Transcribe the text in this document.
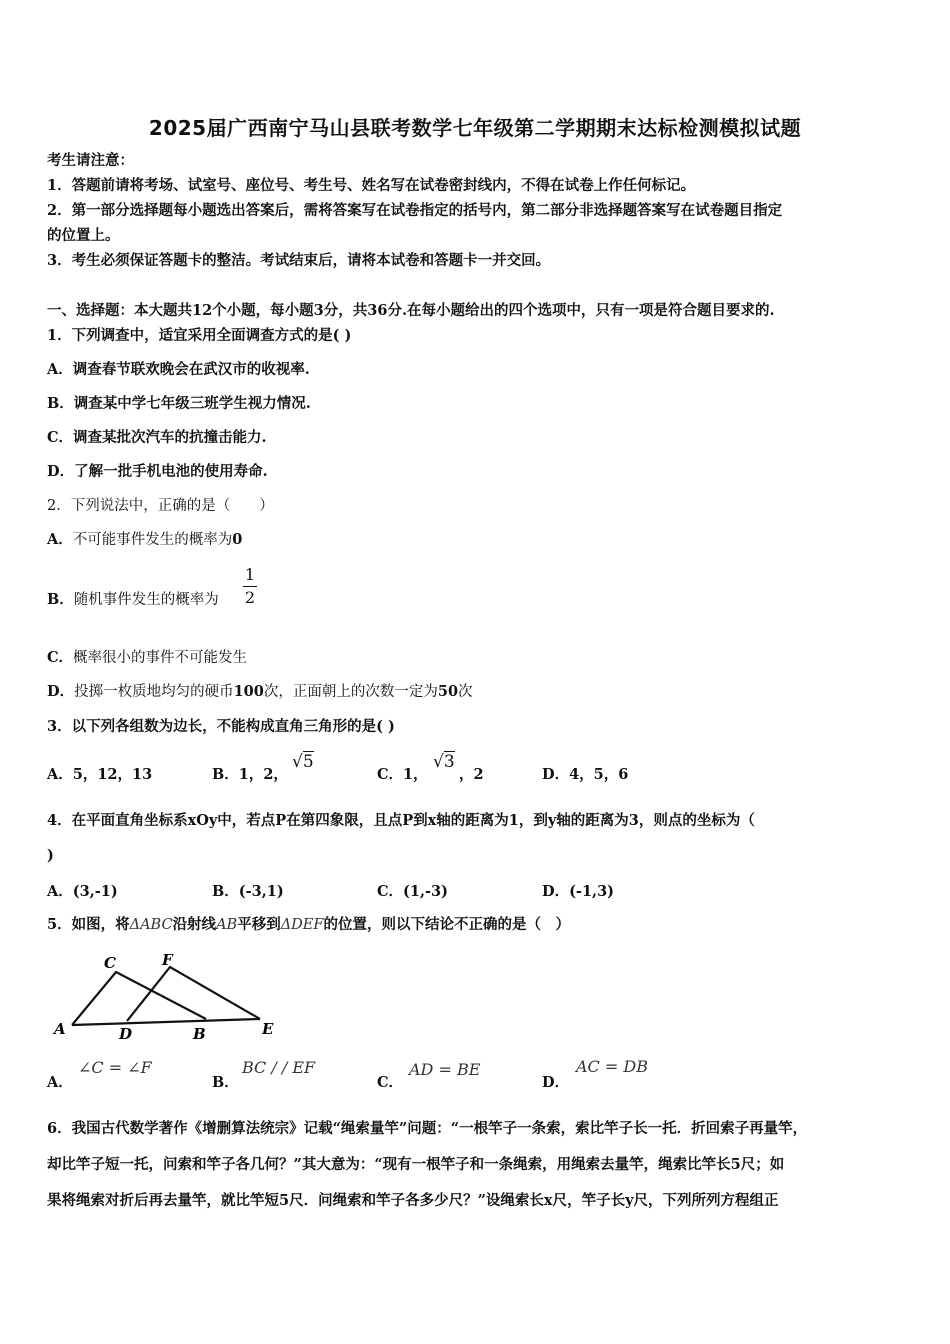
2025届广西南宁马山县联考数学七年级第二学期期末达标检测模拟试题
考生请注意：
1．答题前请将考场、试室号、座位号、考生号、姓名写在试卷密封线内，不得在试卷上作任何标记。
2．第一部分选择题每小题选出答案后，需将答案写在试卷指定的括号内，第二部分非选择题答案写在试卷题目指定
的位置上。
3．考生必须保证答题卡的整洁。考试结束后，请将本试卷和答题卡一并交回。
一、选择题：本大题共12个小题，每小题3分，共36分.在每小题给出的四个选项中，只有一项是符合题目要求的.
1．下列调查中，适宜采用全面调查方式的是( )
A．调查春节联欢晚会在武汉市的收视率.
B．调查某中学七年级三班学生视力情况.
C．调查某批次汽车的抗撞击能力.
D．了解一批手机电池的使用寿命.
2．下列说法中，正确的是（　　）
A．不可能事件发生的概率为0
B．随机事件发生的概率为 $\frac{1}{2}$
C．概率很小的事件不可能发生
D．投掷一枚质地均匀的硬币100次，正面朝上的次数一定为50次
3．以下列各组数为边长，不能构成直角三角形的是( )
A．5，12，13	B．1，2，
√5
C．1，
√3
，2	D．4，5，6
4．在平面直角坐标系xOy中，若点P在第四象限，且点P到x轴的距离为1，到y轴的距离为3，则点的坐标为（
)
A．(3,-1)	B．(-3,1)	C．(1,-3)	D．(-1,3)
5．如图，将ΔABC沿射线AB平移到ΔDEF的位置，则以下结论不正确的是（　）
C	F
A	D	B	E
A．
∠C = ∠F
B．
BC / / EF
C．
AD = BE
D．
AC = DB
6．我国古代数学著作《增删算法统宗》记载“绳索量竿”问题：“一根竿子一条索，索比竿子长一托．折回索子再量竿，
却比竿子短一托，问索和竿子各几何？”其大意为：“现有一根竿子和一条绳索，用绳索去量竿，绳索比竿长5尺；如
果将绳索对折后再去量竿，就比竿短5尺．问绳索和竿子各多少尺？”设绳索长x尺，竿子长y尺，下列所列方程组正
